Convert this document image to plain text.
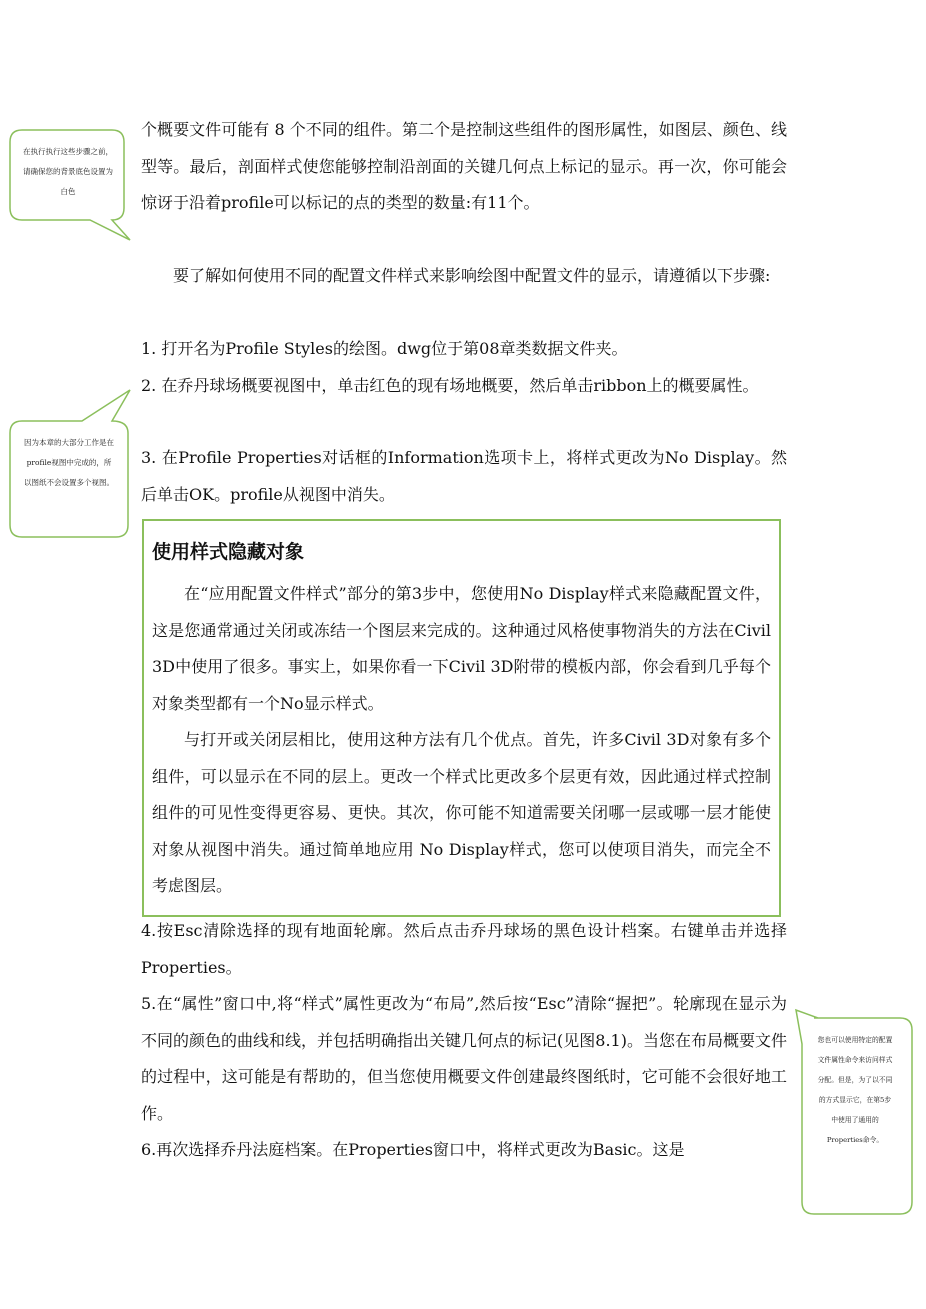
在执行执行这些步骤之前，请确保您的背景底色设置为白色
因为本章的大部分工作是在profile视图中完成的，所以图纸不会设置多个视图。
您也可以使用特定的配置文件属性命令来访问样式分配。但是，为了以不同的方式显示它，在第5步中使用了通用的Properties命令。

个概要文件可能有 8 个不同的组件。第二个是控制这些组件的图形属性，如图层、颜色、线型等。最后，剖面样式使您能够控制沿剖面的关键几何点上标记的显示。再一次，你可能会惊讶于沿着profile可以标记的点的类型的数量:有11个。

要了解如何使用不同的配置文件样式来影响绘图中配置文件的显示，请遵循以下步骤:

1. 打开名为Profile Styles的绘图。dwg位于第08章类数据文件夹。

2. 在乔丹球场概要视图中，单击红色的现有场地概要，然后单击ribbon上的概要属性。

3. 在Profile Properties对话框的Information选项卡上，将样式更改为No Display。然后单击OK。profile从视图中消失。

使用样式隐藏对象

在“应用配置文件样式”部分的第3步中，您使用No Display样式来隐藏配置文件，这是您通常通过关闭或冻结一个图层来完成的。这种通过风格使事物消失的方法在Civil 3D中使用了很多。事实上，如果你看一下Civil 3D附带的模板内部，你会看到几乎每个对象类型都有一个No显示样式。

与打开或关闭层相比，使用这种方法有几个优点。首先，许多Civil 3D对象有多个组件，可以显示在不同的层上。更改一个样式比更改多个层更有效，因此通过样式控制组件的可见性变得更容易、更快。其次，你可能不知道需要关闭哪一层或哪一层才能使对象从视图中消失。通过简单地应用 No Display样式，您可以使项目消失，而完全不考虑图层。

4.按Esc清除选择的现有地面轮廓。然后点击乔丹球场的黑色设计档案。右键单击并选择Properties。

5.在“属性”窗口中,将“样式”属性更改为“布局”,然后按“Esc”清除“握把”。轮廓现在显示为不同的颜色的曲线和线，并包括明确指出关键几何点的标记(见图8.1)。当您在布局概要文件的过程中，这可能是有帮助的，但当您使用概要文件创建最终图纸时，它可能不会很好地工作。

6.再次选择乔丹法庭档案。在Properties窗口中，将样式更改为Basic。这是
